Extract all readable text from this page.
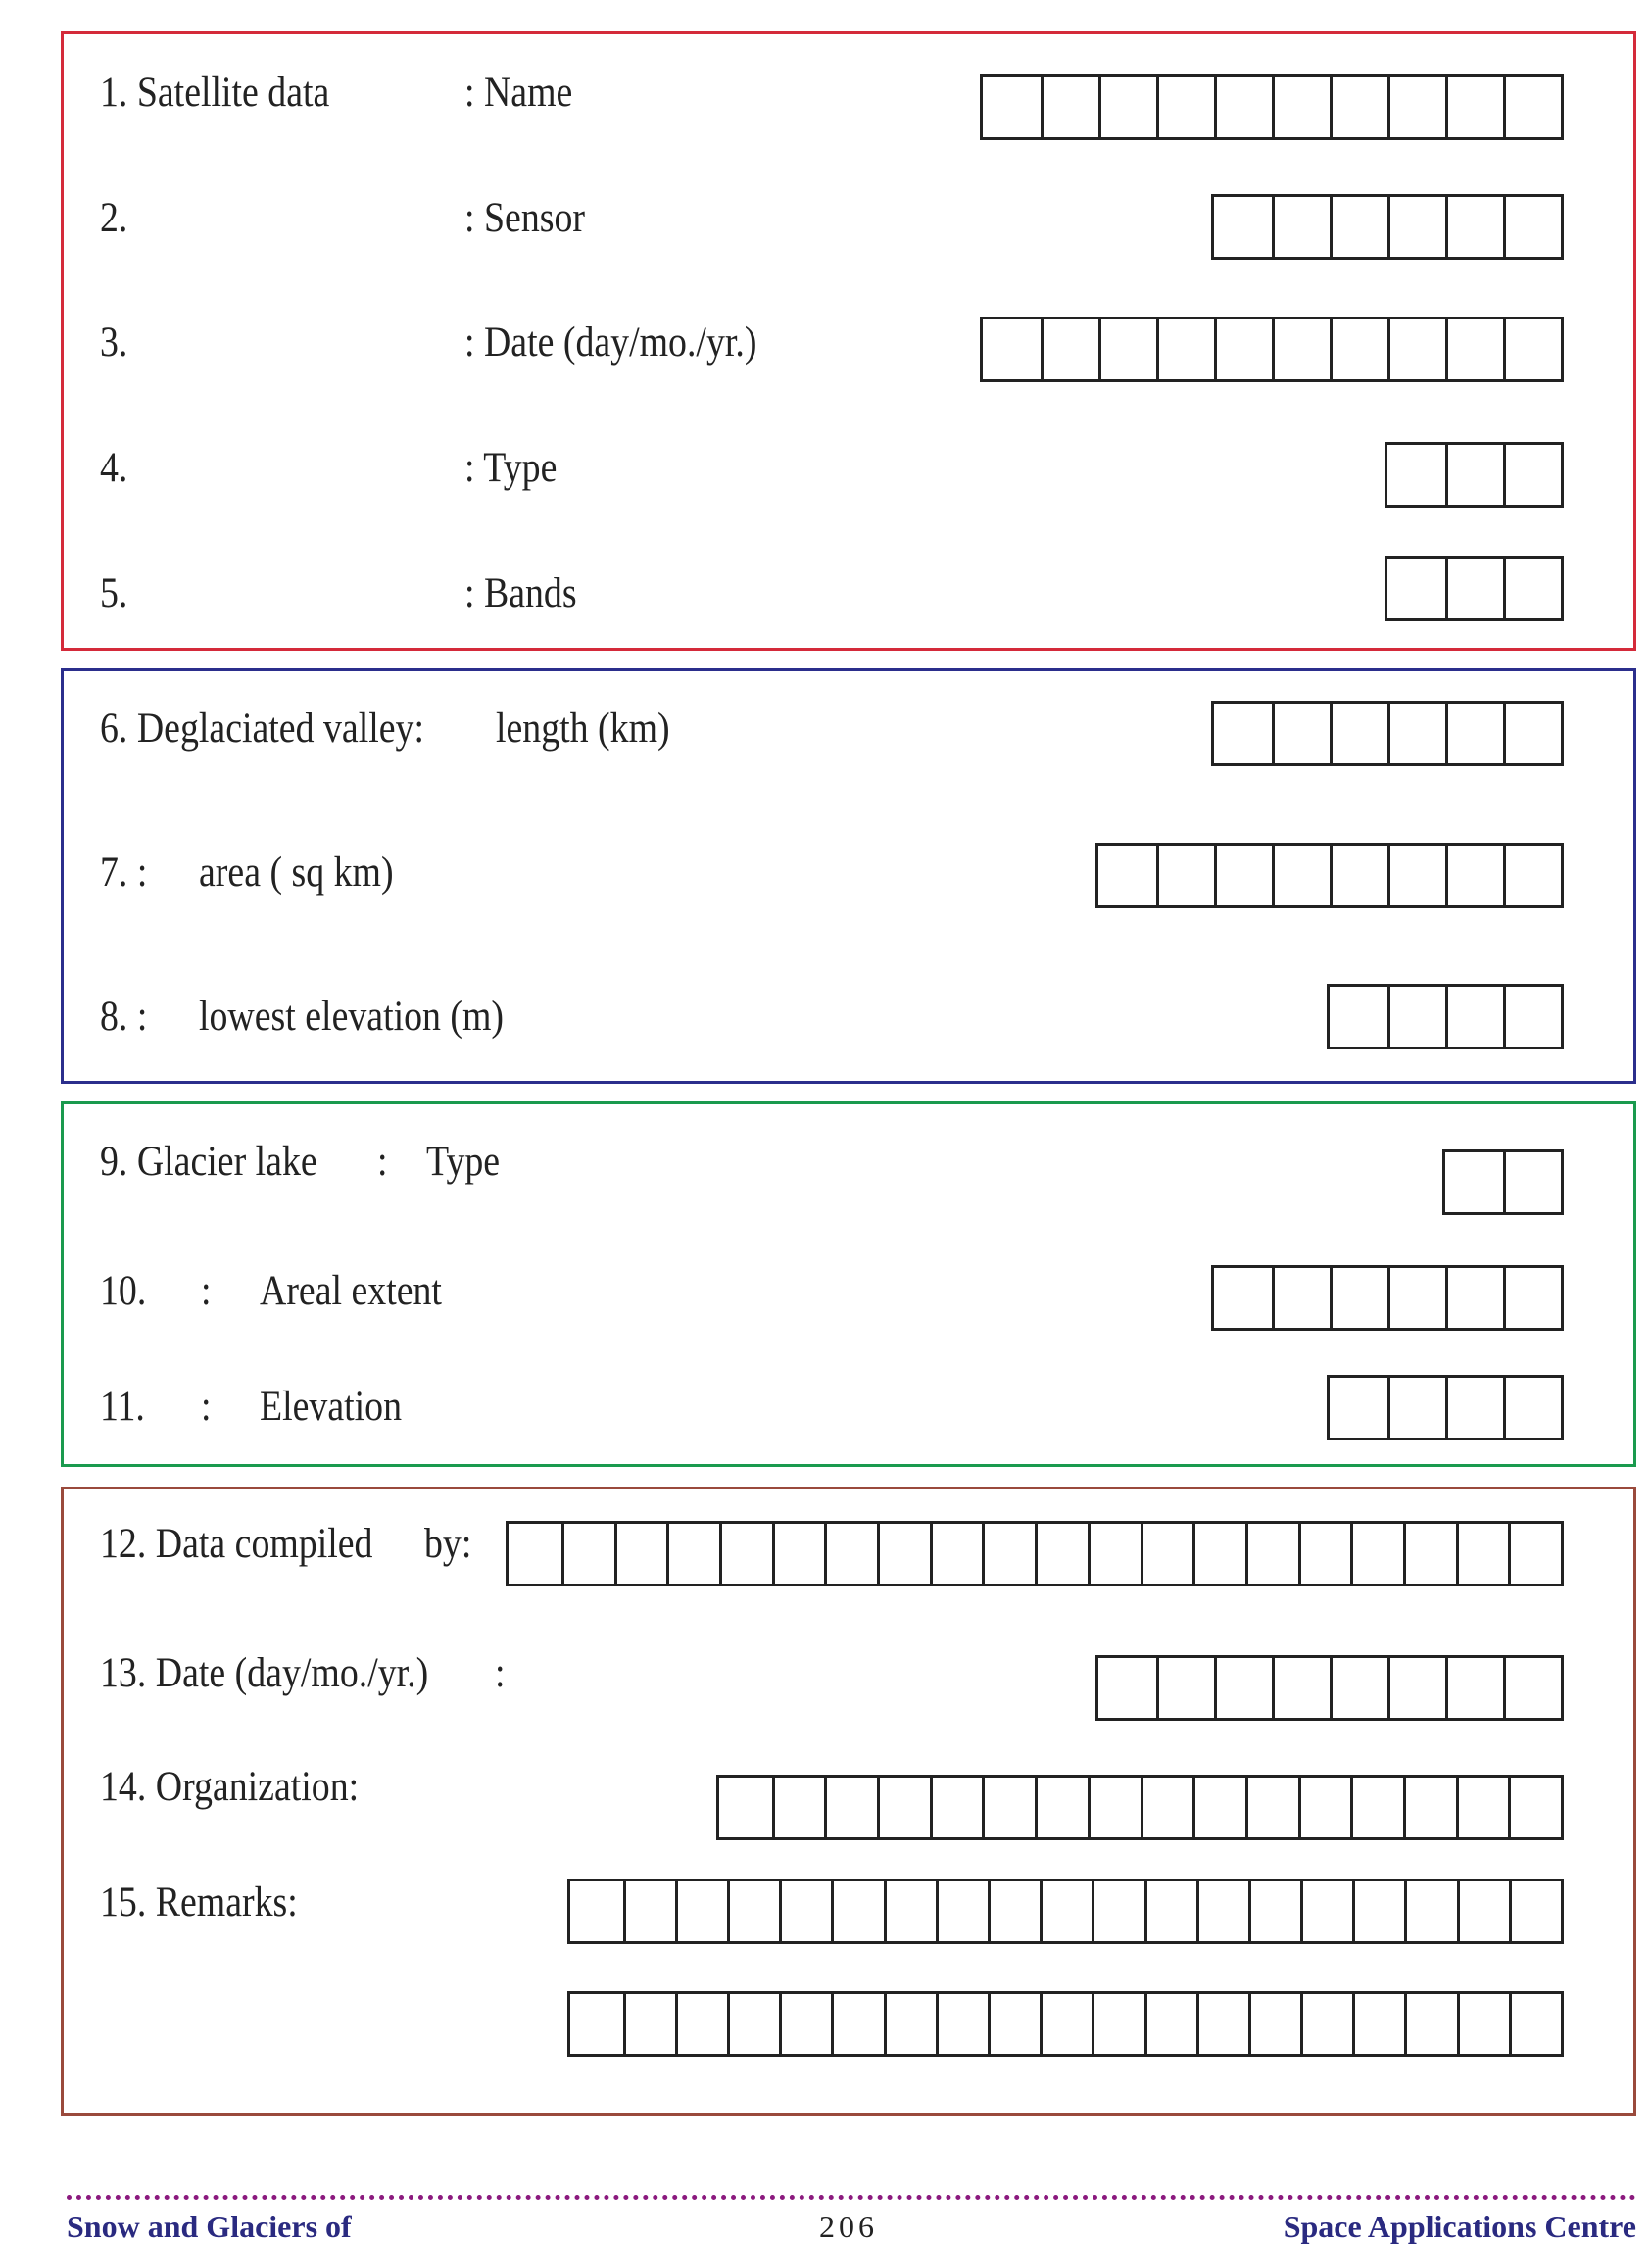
1. Satellite data	: Name
2.	: Sensor
3.	: Date (day/mo./yr.)
4.	: Type
5.	: Bands
6. Deglaciated valley: length (km)
7. : area ( sq km)
8. : lowest elevation (m)
9. Glacier lake : Type
10. : Areal extent
11. : Elevation
12. Data compiled by:
13. Date (day/mo./yr.) :
14. Organization:
15. Remarks:
Snow and Glaciers of	206	Space Applications Centre
